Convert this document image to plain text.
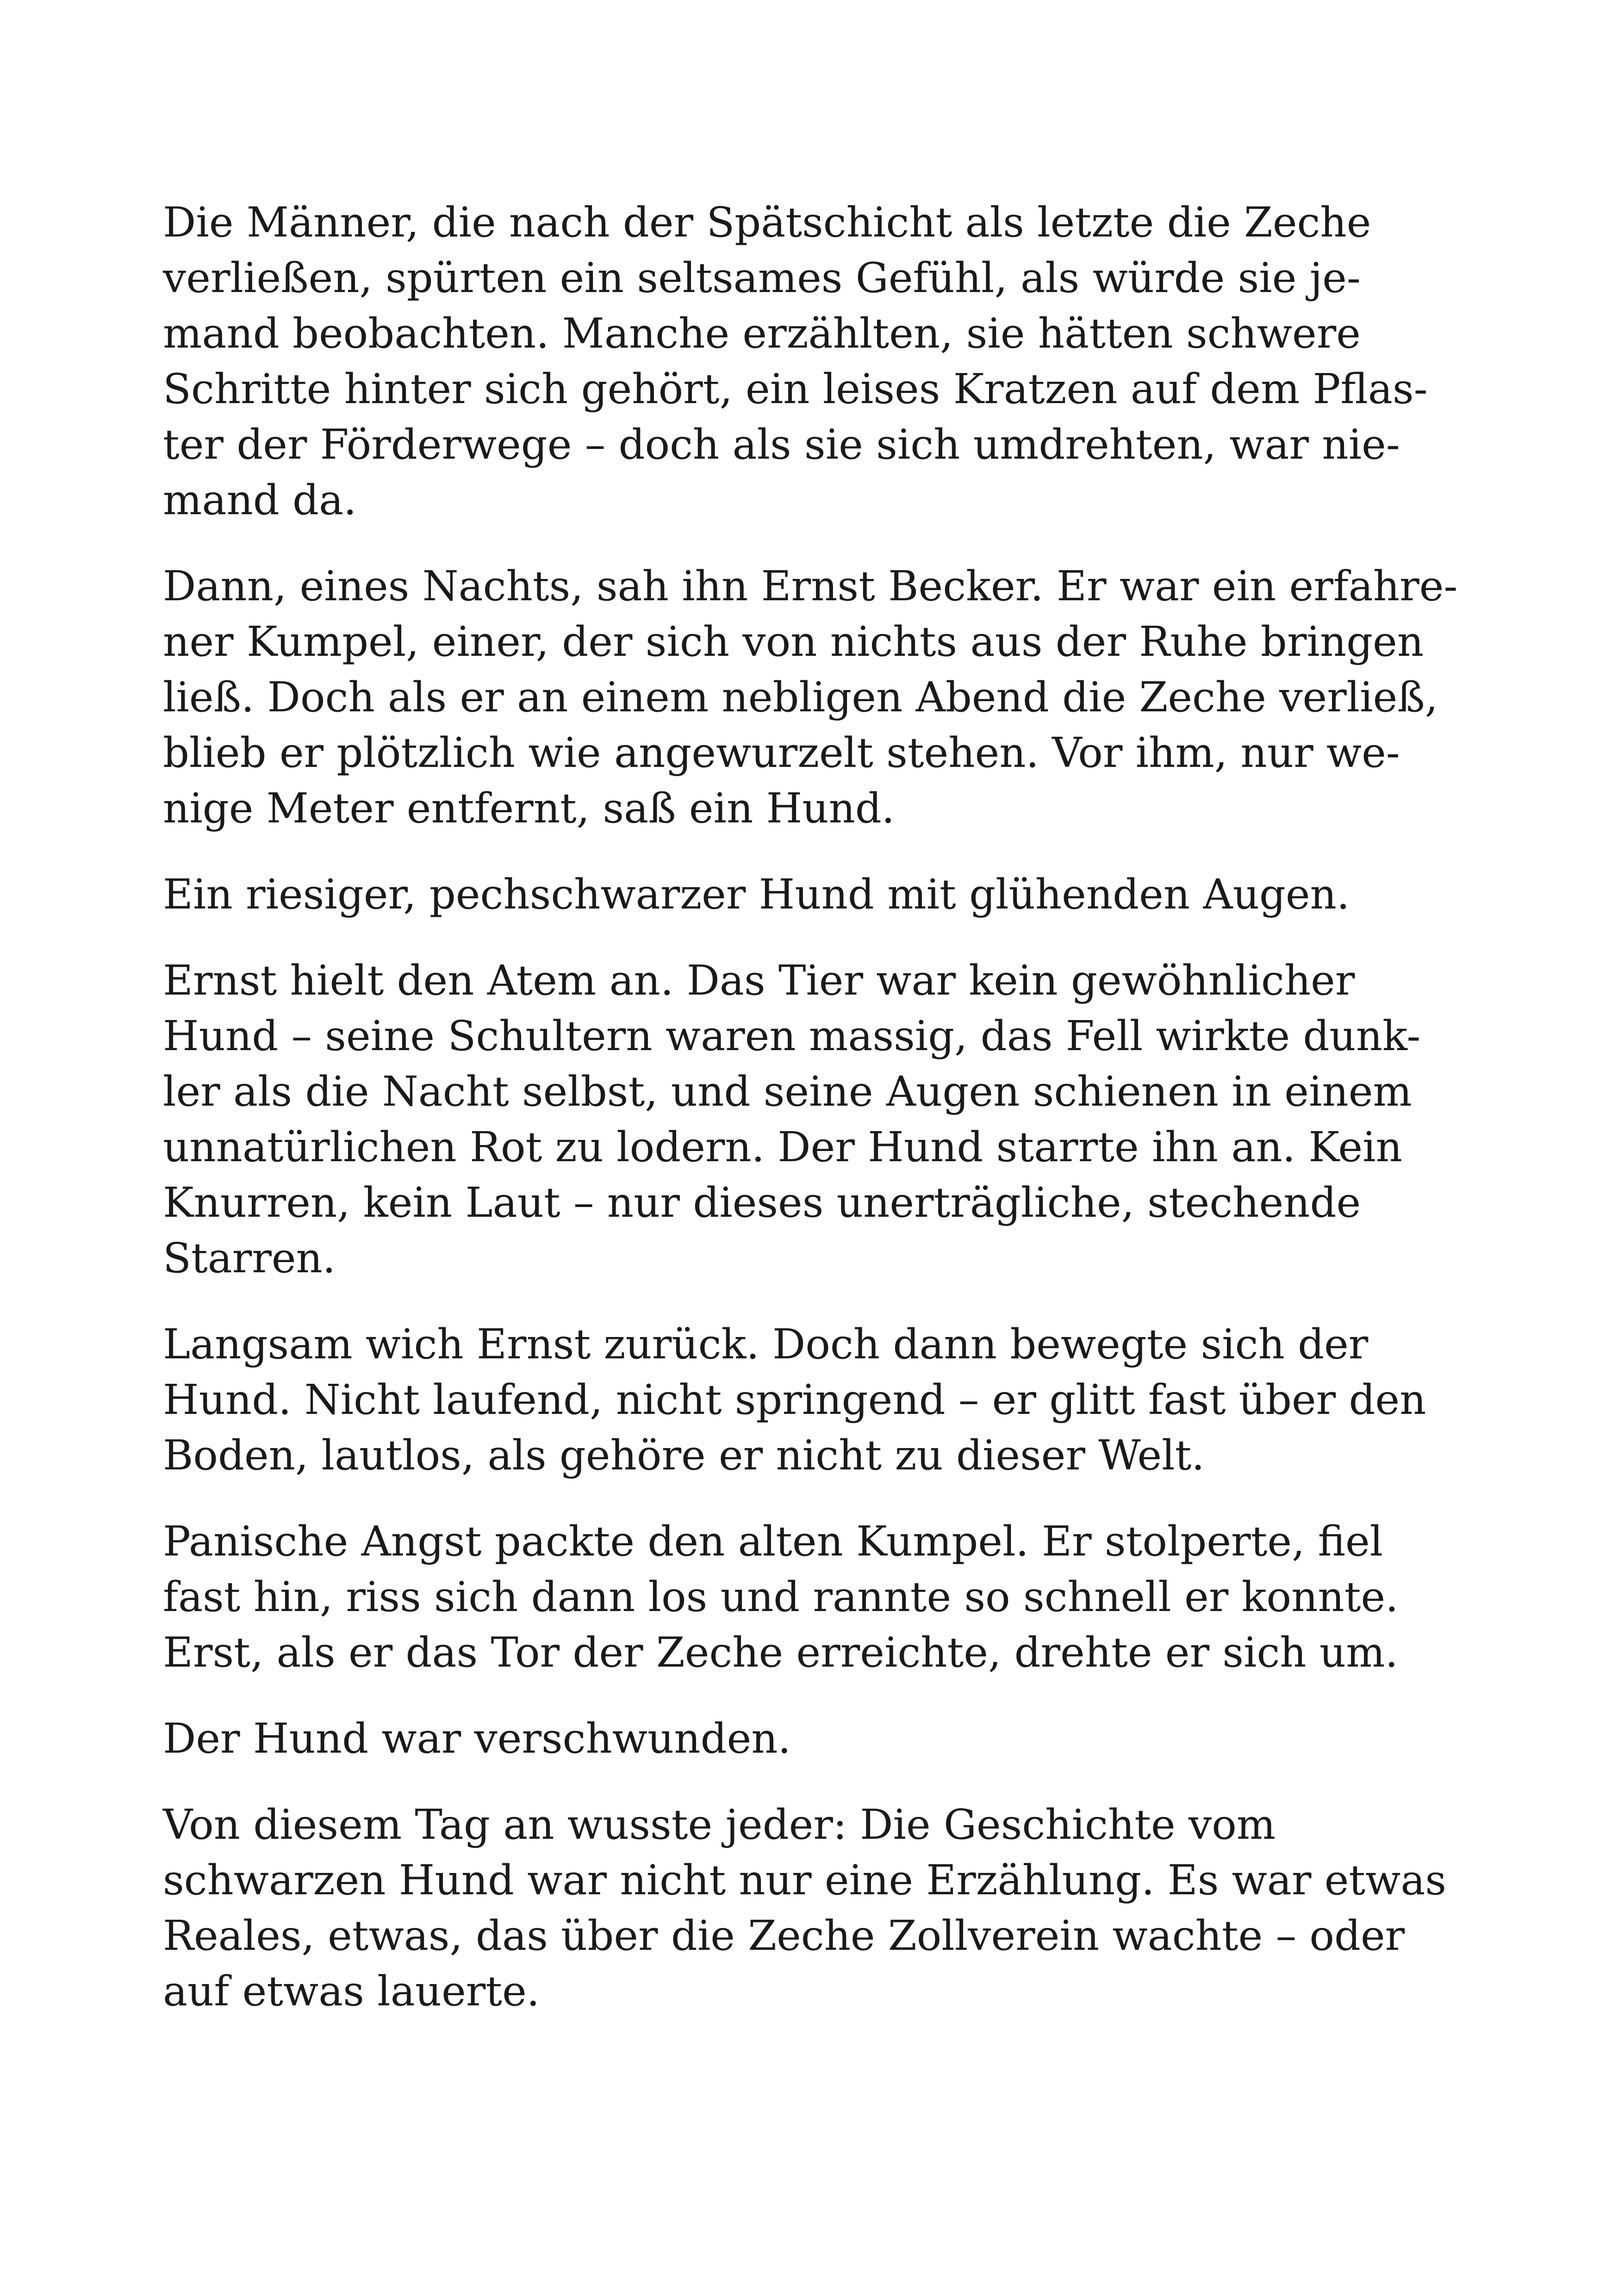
Die Männer, die nach der Spätschicht als letzte die Zeche
verließen, spürten ein seltsames Gefühl, als würde sie je-
mand beobachten. Manche erzählten, sie hätten schwere
Schritte hinter sich gehört, ein leises Kratzen auf dem Pflas-
ter der Förderwege – doch als sie sich umdrehten, war nie-
mand da.

Dann, eines Nachts, sah ihn Ernst Becker. Er war ein erfahre-
ner Kumpel, einer, der sich von nichts aus der Ruhe bringen
ließ. Doch als er an einem nebligen Abend die Zeche verließ,
blieb er plötzlich wie angewurzelt stehen. Vor ihm, nur we-
nige Meter entfernt, saß ein Hund.

Ein riesiger, pechschwarzer Hund mit glühenden Augen.

Ernst hielt den Atem an. Das Tier war kein gewöhnlicher
Hund – seine Schultern waren massig, das Fell wirkte dunk-
ler als die Nacht selbst, und seine Augen schienen in einem
unnatürlichen Rot zu lodern. Der Hund starrte ihn an. Kein
Knurren, kein Laut – nur dieses unerträgliche, stechende
Starren.

Langsam wich Ernst zurück. Doch dann bewegte sich der
Hund. Nicht laufend, nicht springend – er glitt fast über den
Boden, lautlos, als gehöre er nicht zu dieser Welt.

Panische Angst packte den alten Kumpel. Er stolperte, fiel
fast hin, riss sich dann los und rannte so schnell er konnte.
Erst, als er das Tor der Zeche erreichte, drehte er sich um.

Der Hund war verschwunden.

Von diesem Tag an wusste jeder: Die Geschichte vom
schwarzen Hund war nicht nur eine Erzählung. Es war etwas
Reales, etwas, das über die Zeche Zollverein wachte – oder
auf etwas lauerte.
